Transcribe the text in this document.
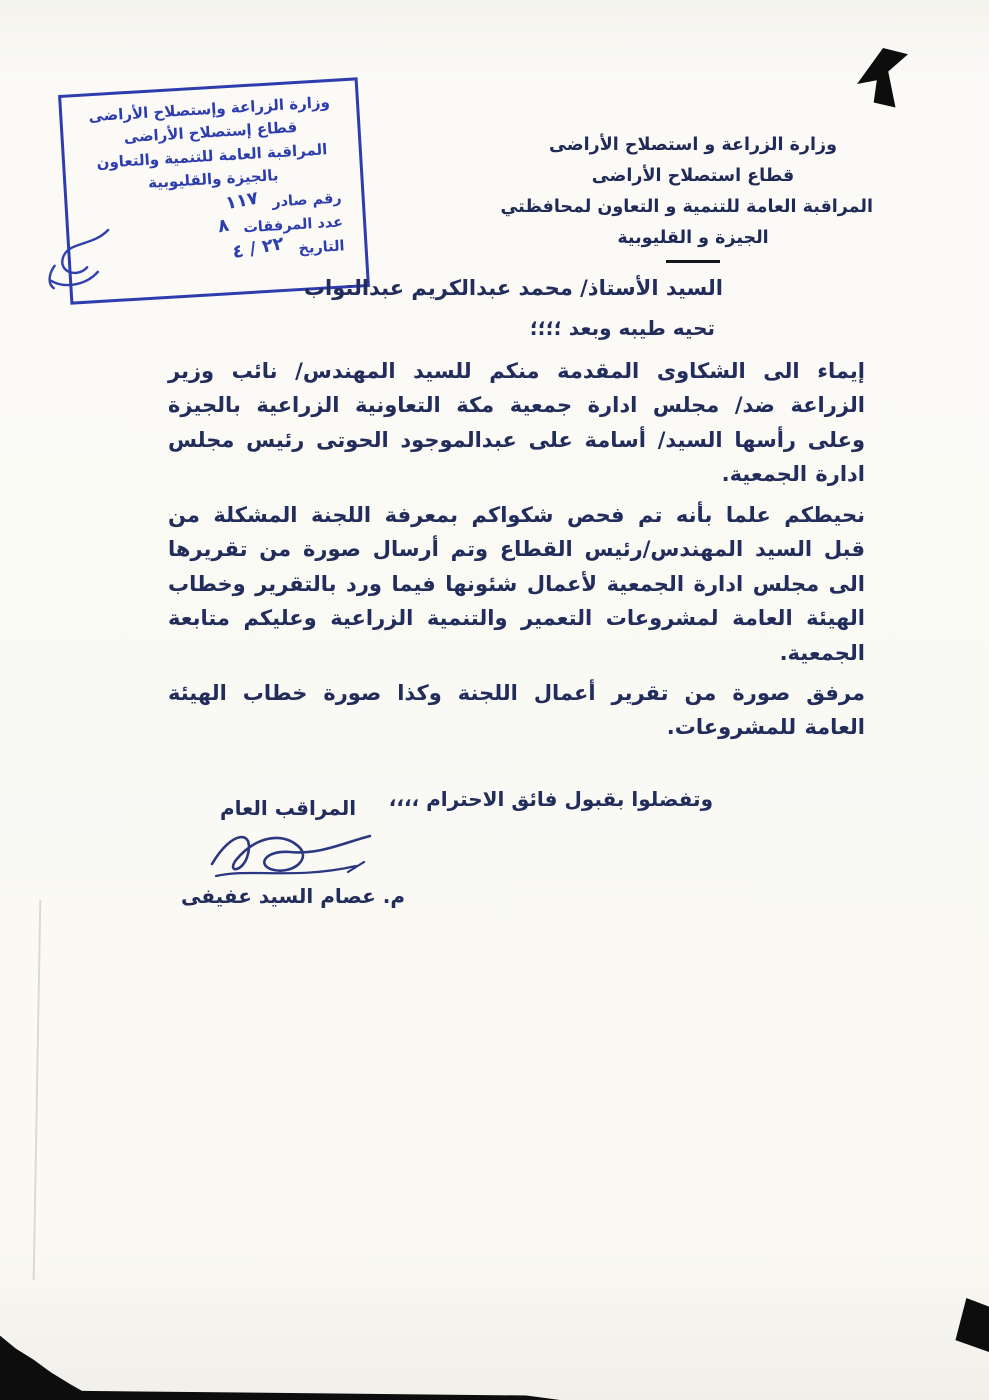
وزارة الزراعة وإستصلاح الأراضى
قطاع إستصلاح الأراضى
المراقبة العامة للتنمية والتعاون
بالجيزة والقليوبية
رقم صادر
١١٧
عدد المرفقات
٨
التاريخ
٢٢ / ٤
وزارة الزراعة و استصلاح الأراضى
قطاع استصلاح الأراضى
المراقبة العامة للتنمية و التعاون لمحافظتي
الجيزة و القليوبية
السيد الأستاذ/ محمد عبدالكريم عبدالتواب
تحيه طيبه وبعد ؛؛؛؛

إيماء الى الشكاوى المقدمة منكم للسيد المهندس/ نائب وزير الزراعة ضد/ مجلس ادارة جمعية مكة التعاونية الزراعية بالجيزة وعلى رأسها السيد/ أسامة على عبدالموجود الحوتى رئيس مجلس ادارة الجمعية.

نحيطكم علما بأنه تم فحص شكواكم بمعرفة اللجنة المشكلة من قبل السيد المهندس/رئيس القطاع وتم أرسال صورة من تقريرها الى مجلس ادارة الجمعية لأعمال شئونها فيما ورد بالتقرير وخطاب الهيئة العامة لمشروعات التعمير والتنمية الزراعية وعليكم متابعة الجمعية.

مرفق صورة من تقرير أعمال اللجنة وكذا صورة خطاب الهيئة العامة للمشروعات.

وتفضلوا بقبول فائق الاحترام ،،،،
المراقب العام
م. عصام السيد عفيفى
